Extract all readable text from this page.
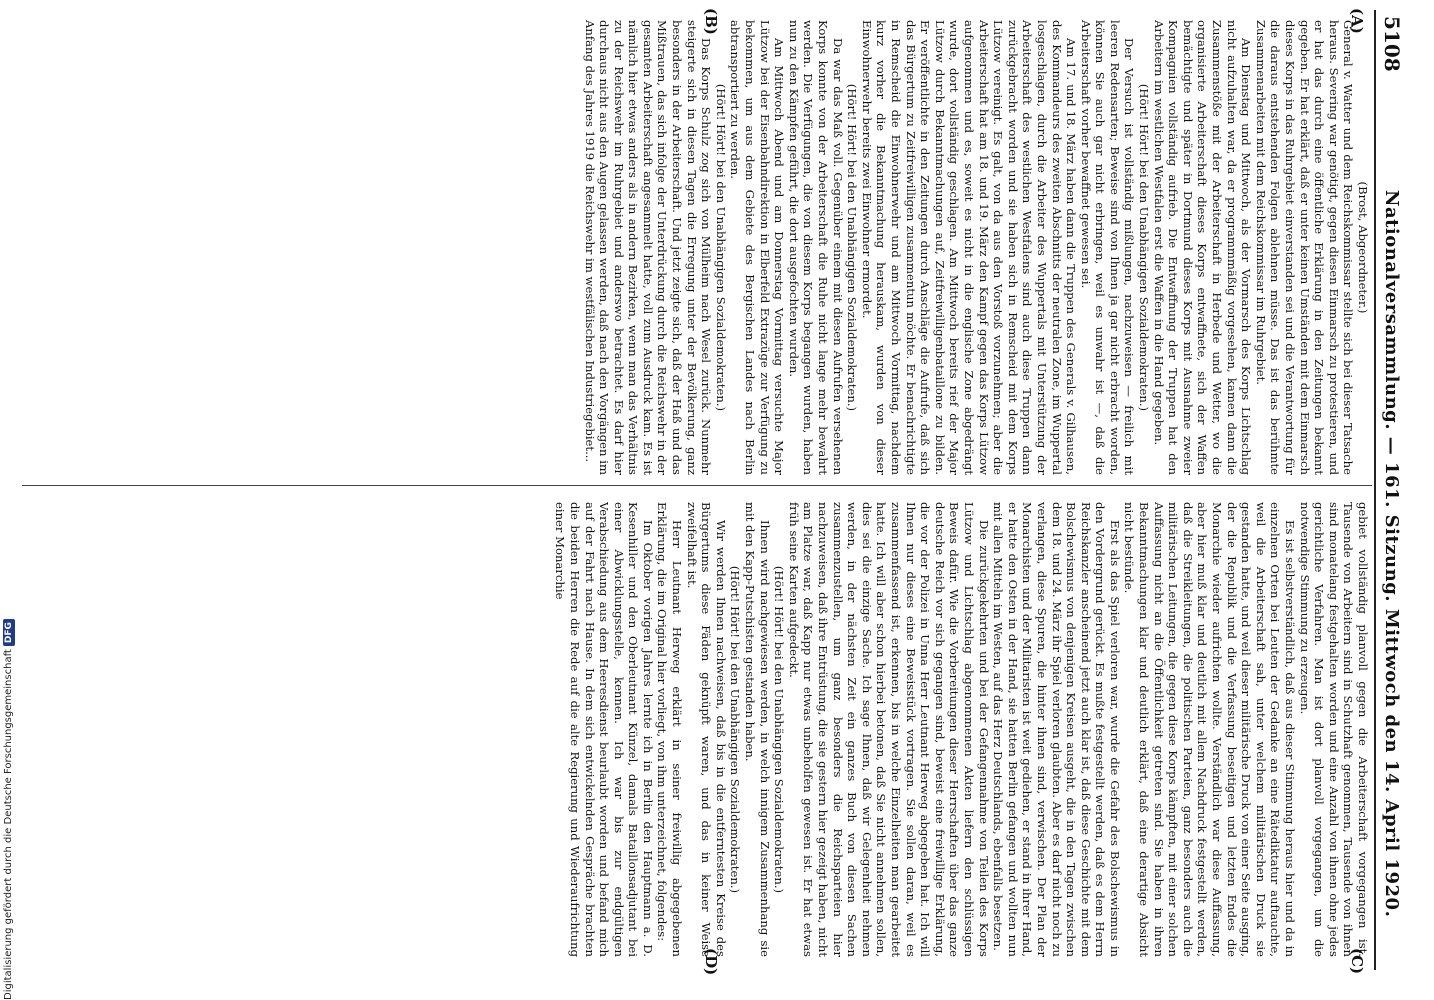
5108
Nationalversammlung. — 161. Sitzung. Mittwoch den 14. April 1920.
(A)
(B)
(C)
(D)

(Brost, Abgeordneter.)

General v. Watter und dem Reichskommissar stellte sich bei dieser Tatsache heraus. Severing war genötigt, gegen diesen Einmarsch zu protestieren, und er hat das durch eine öffentliche Erklärung in den Zeitungen bekannt gegeben. Er hat erklärt, daß er unter keinen Umständen mit dem Einmarsch dieses Korps in das Ruhrgebiet einverstanden sei und die Verantwortung für die daraus entstehenden Folgen ablehnen müsse. Das ist das berühmte Zusammenarbeiten mit dem Reichskommissar im Ruhrgebiet.

Am Dienstag und Mittwoch, als der Vormarsch des Korps Lichtschlag nicht aufzuhalten war, da er programmmäßig vorgesehen, kamen dann die Zusammenstöße mit der Arbeiterschaft in Herbede und Wetter, wo die organisierte Arbeiterschaft dieses Korps entwaffnete, sich der Waffen bemächtigte und später in Dortmund dieses Korps mit Ausnahme zweier Kompagnien vollständig aufrieb. Die Entwaffnung der Truppen hat den Arbeitern im westlichen Westfalen erst die Waffen in die Hand gegeben.

(Hört! Hört! bei den Unabhängigen Sozialdemokraten.)

Der Versuch ist vollständig mißlungen, nachzuweisen — freilich mit leeren Redensarten; Beweise sind von Ihnen ja gar nicht erbracht worden, können Sie auch gar nicht erbringen, weil es unwahr ist —, daß die Arbeiterschaft vorher bewaffnet gewesen sei.

Am 17. und 18. März haben dann die Truppen des Generals v. Gilhausen, des Kommandeurs des zweiten Abschnitts der neutralen Zone, im Wuppertal losgeschlagen, durch die Arbeiter des Wuppertals mit Unterstützung der Arbeiterschaft des westlichen Westfalens sind auch diese Truppen dann zurückgebracht worden und sie haben sich in Remscheid mit dem Korps Lützow vereinigt. Es galt, von da aus den Vorstoß vorzunehmen; aber die Arbeiterschaft hat am 18. und 19. März den Kampf gegen das Korps Lützow aufgenommen und es, soweit es nicht in die englische Zone abgedrängt wurde, dort vollständig geschlagen. Am Mittwoch bereits rief der Major Lützow durch Bekanntmachungen auf, Zeitfreiwilligenbataillone zu bilden. Er veröffentlichte in den Zeitungen durch Anschläge die Aufrufe, daß sich das Bürgertum zu Zeitfreiwilligen zusammentun möchte. Er benachrichtigte in Remscheid die Einwohnerwehr und am Mittwoch Vormittag, nachdem kurz vorher die Bekanntmachung herauskam, wurden von dieser Einwohnerwehr bereits zwei Einwohner ermordet.

(Hört! Hört! bei den Unabhängigen Sozialdemokraten.)

Da war das Maß voll. Gegenüber einem mit diesen Aufrufen versehenen Korps konnte von der Arbeiterschaft die Ruhe nicht lange mehr bewahrt werden. Die Verfügungen, die von diesem Korps begangen wurden, haben nun zu den Kämpfen geführt, die dort ausgefochten wurden.

Am Mittwoch Abend und am Donnerstag Vormittag versuchte Major Lützow bei der Eisenbahndirektion in Elberfeld Extrazüge zur Verfügung zu bekommen, um aus dem Gebiete des Bergischen Landes nach Berlin abtransportiert zu werden.

(Hört! Hört! bei den Unabhängigen Sozialdemokraten.)

Das Korps Schulz zog sich von Mülheim nach Wesel zurück. Nunmehr steigerte sich in diesen Tagen die Erregung unter der Bevölkerung, ganz besonders in der Arbeiterschaft. Und jetzt zeigte sich, daß der Haß und das Mißtrauen, das sich infolge der Unterdrückung durch die Reichswehr in der gesamten Arbeiterschaft angesammelt hatte, voll zum Ausdruck kam. Es ist nämlich hier etwas anders als in andern Bezirken, wenn man das Verhältnis zu der Reichswehr im Ruhrgebiet und anderswo betrachtet. Es darf hier durchaus nicht aus den Augen gelassen werden, daß nach den Vorgängen im Anfang des Jahres 1919 die Reichswehr im westfälischen Industriegebiet...

gebiet vollständig planvoll gegen die Arbeiterschaft vorgegangen ist. Tausende von Arbeitern sind in Schutzhaft genommen, Tausende von ihnen sind monatelang festgehalten worden und eine Anzahl von ihnen ohne jedes gerichtliche Verfahren. Man ist dort planvoll vorgegangen, um die notwendige Stimmung zu erzeugen.

Es ist selbstverständlich, daß aus dieser Stimmung heraus hier und da in einzelnen Orten bei Leuten der Gedanke an eine Rätediktatur auftauchte, weil die Arbeiterschaft sah, unter welchem militärischen Druck sie gestanden hatte, und weil dieser militärische Druck von einer Seite ausging, der die Republik und die Verfassung beseitigen und letzten Endes die Monarchie wieder aufrichten wollte. Verständlich war diese Auffassung, aber hier muß klar und deutlich mit allem Nachdruck festgestellt werden, daß die Streikleitungen, die politischen Parteien, ganz besonders auch die militärischen Leitungen, die gegen diese Korps kämpften, mit einer solchen Auffassung nicht an die Öffentlichkeit getreten sind. Sie haben in ihren Bekanntmachungen klar und deutlich erklärt, daß eine derartige Absicht nicht bestünde.

Erst als das Spiel verloren war, wurde die Gefahr des Bolschewismus in den Vordergrund gerückt. Es mußte festgestellt werden, daß es dem Herrn Reichskanzler anscheinend jetzt auch klar ist, daß diese Geschichte mit dem Bolschewismus von denjenigen Kreisen ausgeht, die in den Tagen zwischen dem 18. und 24. März ihr Spiel verloren glaubten. Aber es darf nicht noch zu verlangen, diese Spuren, die hinter ihnen sind, verwischen. Der Plan der Monarchisten und der Militaristen ist weit gediehen, er stand in ihrer Hand, er hatte den Osten in der Hand, sie hatten Berlin gefangen und wollten nun mit allen Mitteln im Westen, auf das Herz Deutschlands, ebenfalls besetzen.

Die zurückgekehrten und bei der Gefangennahme von Teilen des Korps Lützow und Lichtschlag abgenommenen Akten liefern den schlüssigen Beweis dafür. Wie die Vorbereitungen dieser Herrschaften über das ganze deutsche Reich vor sich gegangen sind, beweist eine freiwillige Erklärung, die vor der Polizei in Unna Herr Leutnant Herweg abgegeben hat. Ich will Ihnen nur dieses eine Beweisstück vortragen. Sie sollen daran, weil es zusammenfassend ist, erkennen, bis in welche Einzelheiten man gearbeitet hatte. Ich will aber schon hierbei betonen, daß Sie nicht annehmen sollen, dies sei die einzige Sache. Ich sage Ihnen, daß wir Gelegenheit nehmen werden, in der nächsten Zeit ein ganzes Buch von diesen Sachen zusammenzustellen, um ganz besonders die Reichsparteien hier nachzuweisen, daß ihre Entrüstung, die sie gestern hier gezeigt haben, nicht am Platze war, daß Kapp nur etwas unbeholfen gewesen ist. Er hat etwas früh seine Karten aufgedeckt.

(Hört! Hört! bei den Unabhängigen Sozialdemokraten.)

Ihnen wird nachgewiesen werden, in welch innigem Zusammenhang sie mit den Kapp-Putschisten gestanden haben.

(Hört! Hört! bei den Unabhängigen Sozialdemokraten.)

Wir werden Ihnen nachweisen, daß bis in die entferntesten Kreise des Bürgertums diese Fäden geknüpft waren, und das in keiner Weise zweifelhaft ist.

Herr Leutnant Herweg erklärt in seiner freiwillig abgegebenen Erklärung, die im Original hier vorliegt, von ihm unterzeichnet, folgendes:

Im Oktober vorigen Jahres lernte ich in Berlin den Hauptmann a. D. Kesenhiller und den Oberleutnant Künzel, damals Bataillonsadjutant bei einer Abwicklungsstelle, kennen. Ich war bis zur endgültigen Verabschiedung aus dem Heeresdienst beurlaubt worden und befand mich auf der Fahrt nach Hause. In dem sich entwickelnden Gespräche brachten die beiden Herren die Rede auf die alte Regierung und Wiederaufrichtung einer Monarchie

Digitalisierung gefördert durch die Deutsche ForschungsgemeinschaftDFG
